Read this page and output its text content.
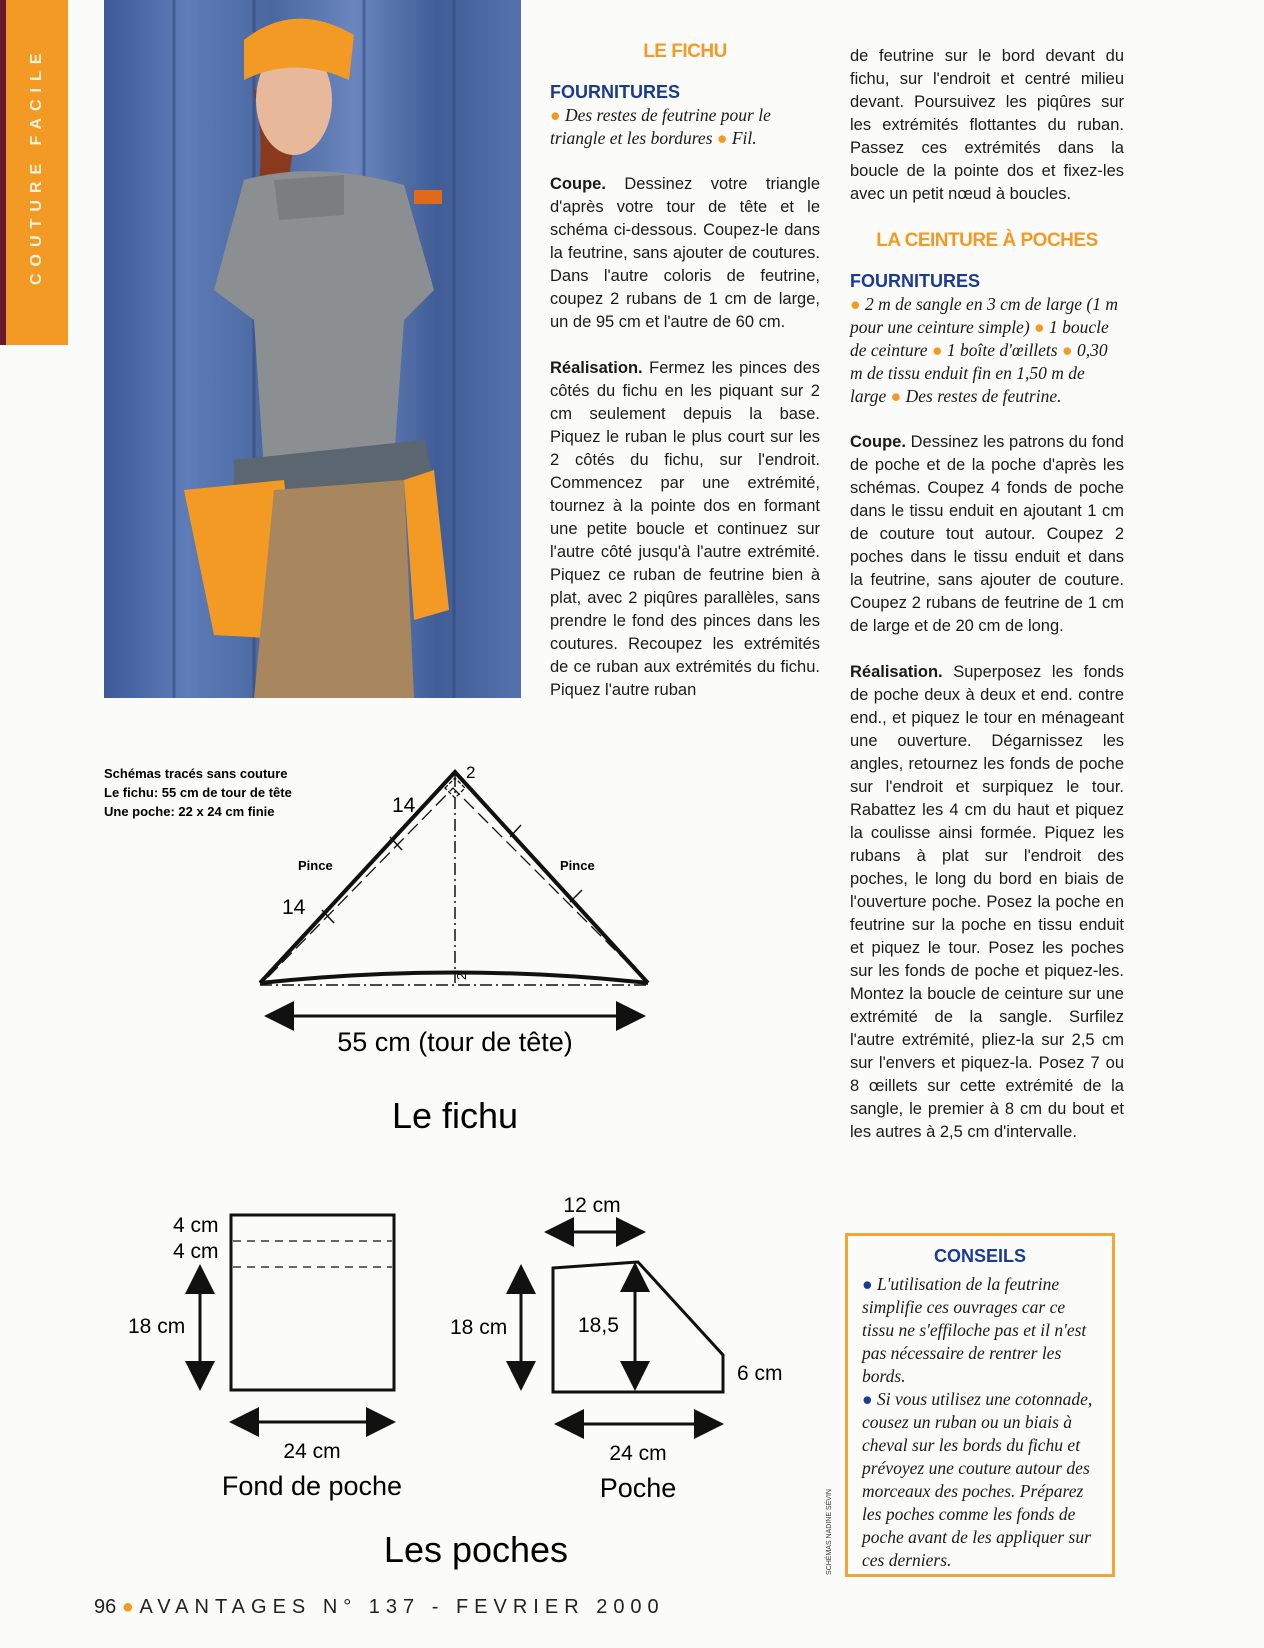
COUTURE FACILE	LE FICHU
FOURNITURES

● Des restes de feutrine pour le triangle et les bordures ● Fil.

Coupe. Dessinez votre triangle d'après votre tour de tête et le schéma ci-dessous. Coupez-le dans la feutrine, sans ajouter de coutures. Dans l'autre coloris de feutrine, coupez 2 rubans de 1 cm de large, un de 95 cm et l'autre de 60 cm.

Réalisation. Fermez les pinces des côtés du fichu en les piquant sur 2 cm seulement depuis la base. Piquez le ruban le plus court sur les 2 côtés du fichu, sur l'endroit. Commencez par une extrémité, tournez à la pointe dos en formant une petite boucle et continuez sur l'autre côté jusqu'à l'autre extrémité. Piquez ce ruban de feutrine bien à plat, avec 2 piqûres parallèles, sans prendre le fond des pinces dans les coutures. Recoupez les extrémités de ce ruban aux extrémités du fichu. Piquez l'autre ruban

de feutrine sur le bord devant du fichu, sur l'endroit et centré milieu devant. Poursuivez les piqûres sur les extrémités flottantes du ruban. Passez ces extrémités dans la boucle de la pointe dos et fixez-les avec un petit nœud à boucles.

LA CEINTURE À POCHES
FOURNITURES

● 2 m de sangle en 3 cm de large (1 m pour une ceinture simple) ● 1 boucle de ceinture ● 1 boîte d'œillets ● 0,30 m de tissu enduit fin en 1,50 m de large ● Des restes de feutrine.

Coupe. Dessinez les patrons du fond de poche et de la poche d'après les schémas. Coupez 4 fonds de poche dans le tissu enduit en ajoutant 1 cm de couture tout autour. Coupez 2 poches dans le tissu enduit et dans la feutrine, sans ajouter de couture. Coupez 2 rubans de feutrine de 1 cm de large et de 20 cm de long.

Réalisation. Superposez les fonds de poche deux à deux et end. contre end., et piquez le tour en ménageant une ouverture. Dégarnissez les angles, retournez les fonds de poche sur l'endroit et surpiquez le tour. Rabattez les 4 cm du haut et piquez la coulisse ainsi formée. Piquez les rubans à plat sur l'endroit des poches, le long du bord en biais de l'ouverture poche. Posez la poche en feutrine sur la poche en tissu enduit et piquez le tour. Posez les poches sur les fonds de poche et piquez-les. Montez la boucle de ceinture sur une extrémité de la sangle. Surfilez l'autre extrémité, pliez-la sur 2,5 cm sur l'envers et piquez-la. Posez 7 ou 8 œillets sur cette extrémité de la sangle, le premier à 8 cm du bout et les autres à 2,5 cm d'intervalle.

CONSEILS
● L'utilisation de la feutrine simplifie ces ouvrages car ce tissu ne s'effiloche pas et il n'est pas nécessaire de rentrer les bords.
● Si vous utilisez une cotonnade, cousez un ruban ou un biais à cheval sur les bords du fichu et prévoyez une couture autour des morceaux des poches. Préparez les poches comme les fonds de poche avant de les appliquer sur ces derniers.
Schémas tracés sans couture
Le fichu: 55 cm de tour de tête
Une poche: 22 x 24 cm finie
2
14
14
Pince	Pince
2
55 cm (tour de tête)
Le fichu
4 cm
4 cm
18 cm
24 cm
Fond de poche
12 cm
18 cm	18,5
6 cm
24 cm
Poche
Les poches	SCHÉMAS NADINE SÉVIN
96 ● AVANTAGES N° 137 - FEVRIER 2000
